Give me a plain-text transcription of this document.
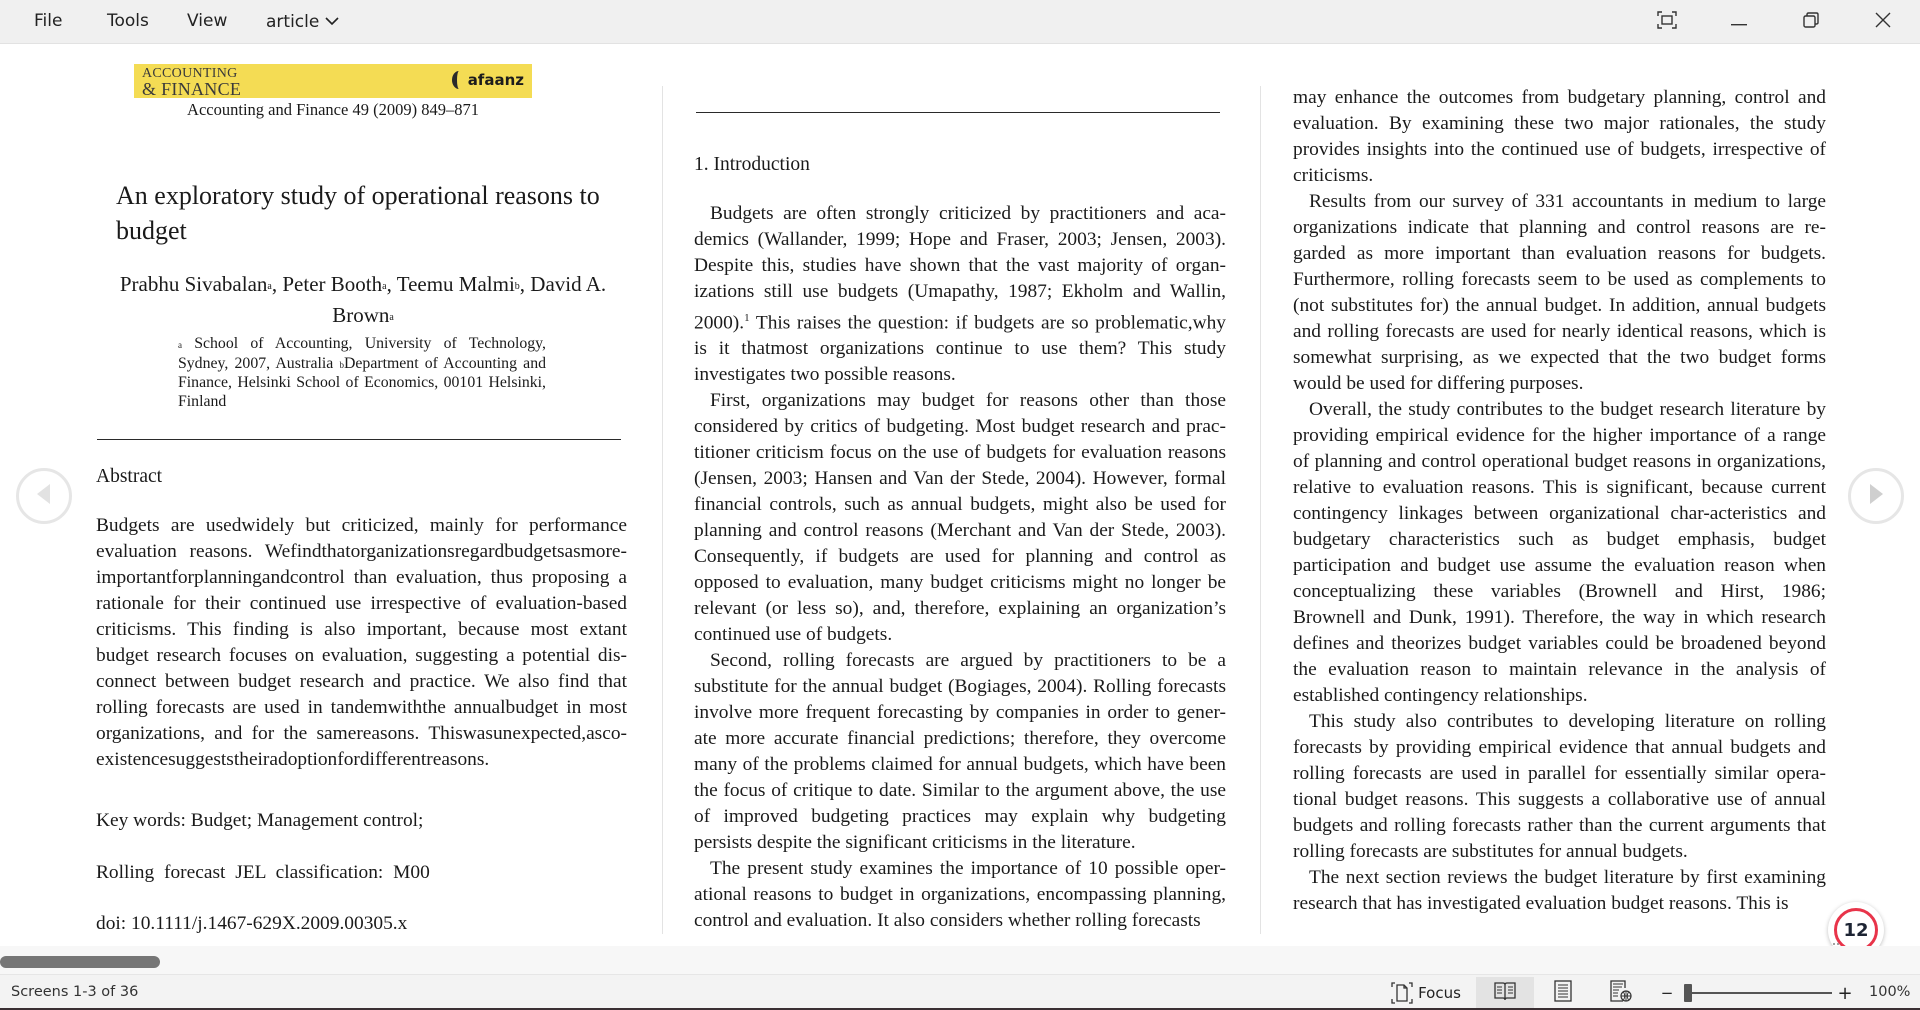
File	Tools View article
ACCOUNTING
& FINANCE	afaanz
Accounting and Finance 49 (2009) 849–871
An exploratory study of operational reasons to budget
Prabhu Sivabalan$^a$, Peter Booth$^a$, Teemu Malmi$^b$, David A. Brown$^a$
a School of Accounting, University of Technology, Sydney, 2007, Australia bDepartment of Accounting and Finance, Helsinki School of Economics, 00101 Helsinki, Finland
Abstract
Budgets are usedwidely but criticized, mainly for performance evaluation reasons. Wefindthatorganizationsregardbudgetsasmore-importantforplanningandcontrol than evaluation, thus proposing a rationale for their continued use irrespective of evaluation-based criticisms. This finding is also important, because most extant budget research focuses on evaluation, suggesting a potential dis-connect between budget research and practice. We also find that rolling forecasts are used in tandemwiththe annualbudget in most organizations, and for the samereasons. Thiswasunexpected,asco-existencesuggeststheiradoptionfordifferentreasons.
Key words: Budget; Management control;
Rolling forecast JEL classification: M00
doi: 10.1111/j.1467-629X.2009.00305.x
1. Introduction

Budgets are often strongly criticized by practitioners and aca-demics (Wallander, 1999; Hope and Fraser, 2003; Jensen, 2003). Despite this, studies have shown that the vast majority of organ-izations still use budgets (Umapathy, 1987; Ekholm and Wallin, 2000).$^1$ This raises the question: if budgets are so problematic,why is it thatmost organizations continue to use them? This study investigates two possible reasons.

First, organizations may budget for reasons other than those considered by critics of budgeting. Most budget research and prac-titioner criticism focus on the use of budgets for evaluation reasons (Jensen, 2003; Hansen and Van der Stede, 2004). However, formal financial controls, such as annual budgets, might also be used for planning and control reasons (Merchant and Van der Stede, 2003). Consequently, if budgets are used for planning and control as opposed to evaluation, many budget criticisms might no longer be relevant (or less so), and, therefore, explaining an organization’s continued use of budgets.

Second, rolling forecasts are argued by practitioners to be a substitute for the annual budget (Bogiages, 2004). Rolling forecasts involve more frequent forecasting by companies in order to gener-ate more accurate financial predictions; therefore, they overcome many of the problems claimed for annual budgets, which have been the focus of critique to date. Similar to the argument above, the use of improved budgeting practices may explain why budgeting persists despite the significant criticisms in the literature.

The present study examines the importance of 10 possible oper-ational reasons to budget in organizations, encompassing planning, control and evaluation. It also considers whether rolling forecasts

may enhance the outcomes from budgetary planning, control and evaluation. By examining these two major rationales, the study provides insights into the continued use of budgets, irrespective of criticisms.

Results from our survey of 331 accountants in medium to large organizations indicate that planning and control reasons are re-garded as more important than evaluation reasons for budgets. Furthermore, rolling forecasts seem to be used as complements to (not substitutes for) the annual budget. In addition, annual budgets and rolling forecasts are used for nearly identical reasons, which is somewhat surprising, as we expected that the two budget forms would be used for differing purposes.

Overall, the study contributes to the budget research literature by providing empirical evidence for the higher importance of a range of planning and control operational budget reasons in organizations, relative to evaluation reasons. This is significant, because current contingency linkages between organizational char-acteristics and budgetary characteristics such as budget emphasis, budget participation and budget use assume the evaluation reason when conceptualizing these variables (Brownell and Hirst, 1986; Brownell and Dunk, 1991). Therefore, the way in which research defines and theorizes budget variables could be broadened beyond the evaluation reason to maintain relevance in the analysis of established contingency relationships.

This study also contributes to developing literature on rolling forecasts by providing empirical evidence that annual budgets and rolling forecasts are used in parallel for essentially similar opera-tional budget reasons. This suggests a collaborative use of annual budgets and rolling forecasts rather than the current arguments that rolling forecasts are substitutes for annual budgets.

The next section reviews the budget literature by first examining research that has investigated evaluation budget reasons. This is

12
Screens 1-3 of 36	Focus	−	+ 100%
